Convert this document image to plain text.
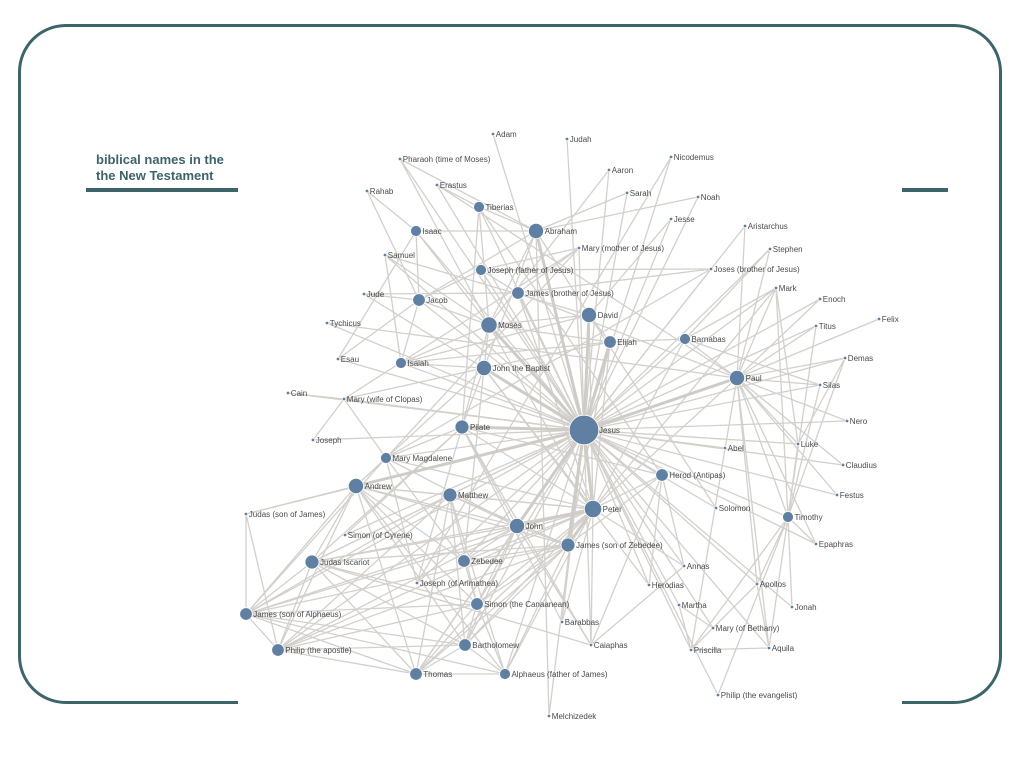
biblical names in the
the New Testament
Adam
Judah
Pharaoh (time of Moses)
Aaron
Nicodemus
Rahab
Erastus
Sarah	Noah
Tiberias
Isaac	Abraham
Jesse
Aristarchus
Samuel
Mary (mother of Jesus)	Stephen
Joseph (father of Jesus)	Joses (brother of Jesus)
Jude
Jacob
James (brother of Jesus)
Mark
Enoch
Felix
David
Tychicus	Moses	Titus
Elijah	Barnabas
Esau	Isaiah
John the Baptist
Demas
Paul
Silas
Cain
Mary (wife of Clopas)
Pilate	Jesus
Nero
Joseph
Abel	Luke
Mary Magdalene
Claudius
Herod (Antipas)
Andrew
Matthew	Festus
Peter	Solomon
Judas (son of James)	Timothy
John
Simon (of Cyrene)
James (son of Zebedee)	Epaphras
Judas Iscariot	Zebedee
Annas
Joseph (of Arimathea)	Herodias	Apollos
Simon (the Canaanean)	Martha	Jonah
James (son of Alphaeus)
Barabbas
Mary (of Bethany)
Caiaphas
Bartholomew
Philip (the apostle)	Priscilla	Aquila
Thomas	Alphaeus (father of James)
Philip (the evangelist)
Melchizedek
